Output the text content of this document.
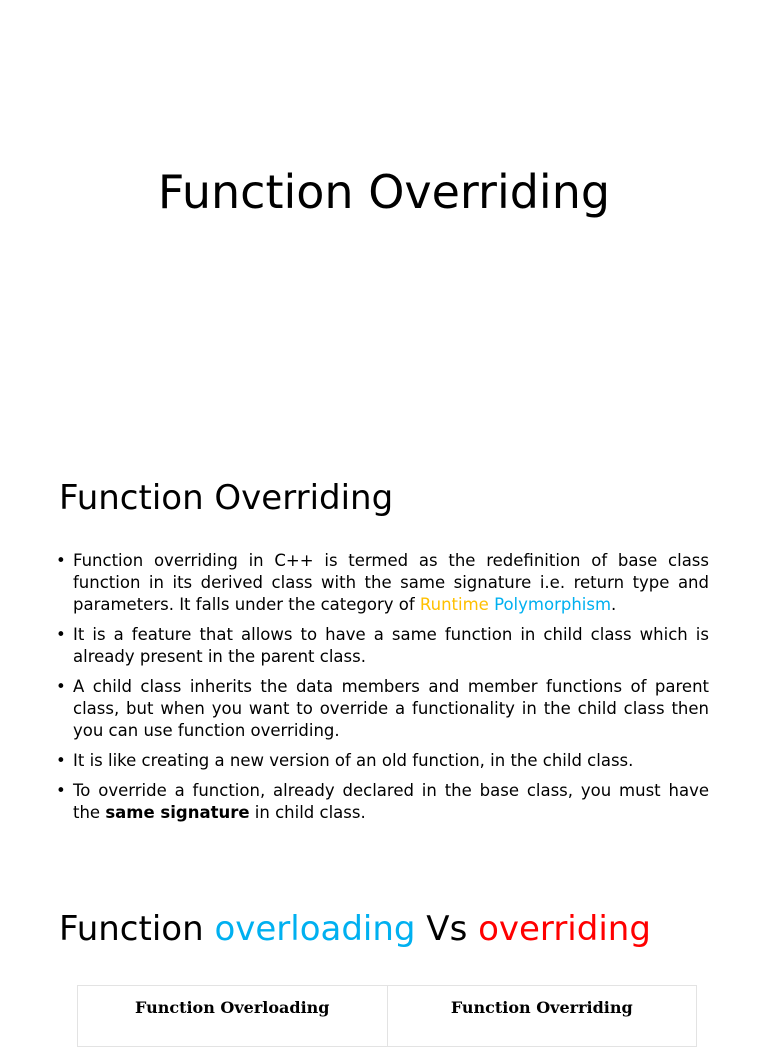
Function Overriding
Function Overriding
• Function overriding in C++ is termed as the redefinition of base class function in its derived class with the same signature i.e. return type and parameters. It falls under the category of Runtime Polymorphism.
• It is a feature that allows to have a same function in child class which is already present in the parent class.
• A child class inherits the data members and member functions of parent class, but when you want to override a functionality in the child class then you can use function overriding.
• It is like creating a new version of an old function, in the child class.
• To override a function, already declared in the base class, you must have the same signature in child class.
Function overloading Vs overriding
Function Overloading	Function Overriding
